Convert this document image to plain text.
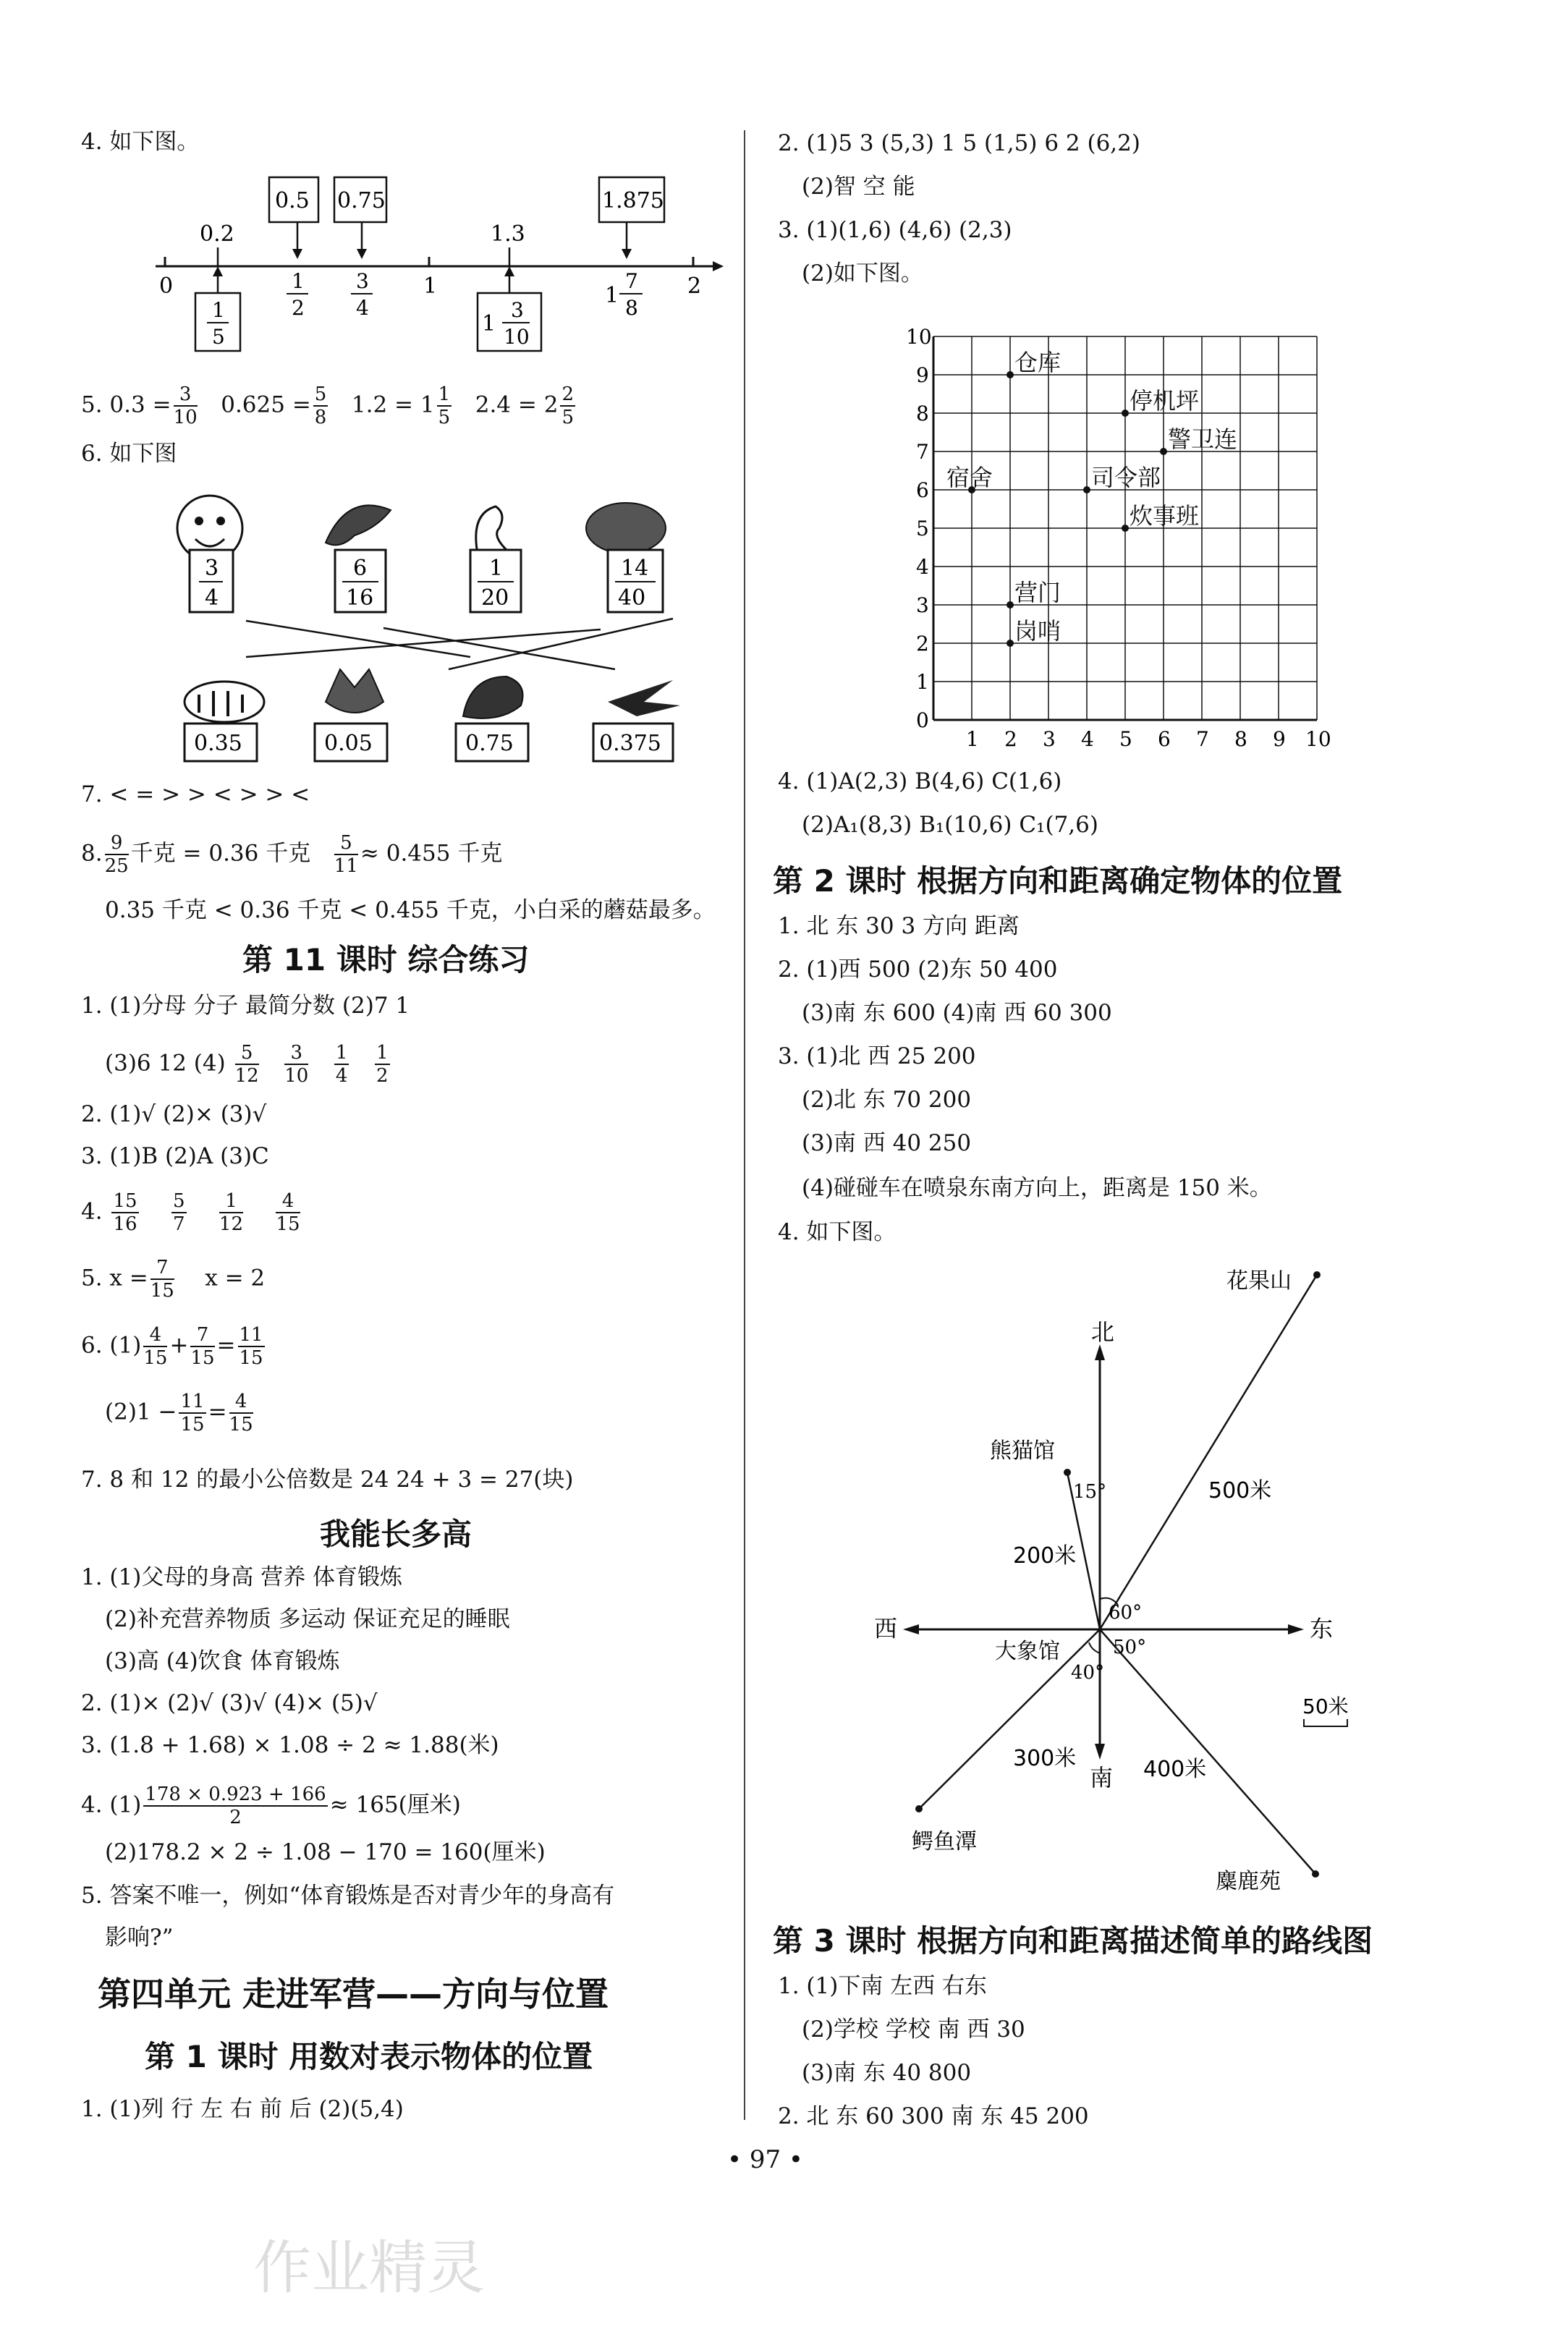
4. 如下图。
0	1	2
0.5 0.75	1.875
0.2	1.3
1
2
3
4	1
7
8
1
5
1
3
10
5. $0.3 = \frac{3}{10} 0.625 = \frac{5}{8} 1.2 = 1 \frac{1}{5} 2.4 = 2 \frac{2}{5}$
6. 如下图
3
4
6
16
1
20
14
40
0.35	0.05	0.75	0.375
7. < = > > < > > <
8. $\frac{9}{25}$ 千克 = 0.36 千克 $\frac{5}{11} \approx 0.455$ 千克
0.35 千克 < 0.36 千克 < 0.455 千克，小白采的蘑菇最多。
第 11 课时 综合练习
1. (1)分母 分子 最简分数 (2)7 1
(3)6 12 $(4) \frac{5}{12}$
$\frac{3}{10}$
$\frac{1}{4}$
$\frac{1}{2}$
2. (1)√ (2)× (3)√
3. (1)B (2)A (3)C
4. $\frac{15}{16}$
$\frac{5}{7}$
$\frac{1}{12}$
$\frac{4}{15}$
5. $x = \frac{7}{15}$ x = 2
6. $(1) \frac{4}{15} + \frac{7}{15} = \frac{11}{15}$
$(2)1 - \frac{11}{15} = \frac{4}{15}$
7. 8 和 12 的最小公倍数是 24 24 + 3 = 27(块)
我能长多高
1. (1)父母的身高 营养 体育锻炼
(2)补充营养物质 多运动 保证充足的睡眠
(3)高 (4)饮食 体育锻炼
2. (1)× (2)√ (3)√ (4)× (5)√
3. (1.8 + 1.68) × 1.08 ÷ 2 ≈ 1.88(米)
4. $(1) \frac{178 \times 0.923 + 166}{2} \approx 165$(厘米)
(2)178.2 × 2 ÷ 1.08 − 170 = 160(厘米)
5. 答案不唯一，例如“体育锻炼是否对青少年的身高有
影响?”
第四单元 走进军营——方向与位置
第 1 课时 用数对表示物体的位置
1. (1)列 行 左 右 前 后 (2)(5,4)
2. (1)5 3 (5,3) 1 5 (1,5) 6 2 (6,2)
(2)智 空 能
3. (1)(1,6) (4,6) (2,3)
(2)如下图。
0
1
2
3
4
5
6
7
8
9
10
1 2 3 4 5 6 7 8 9 10
仓库
停机坪
警卫连
宿舍	司令部
炊事班
营门
岗哨
4. (1)A(2,3) B(4,6) C(1,6)
(2)A₁(8,3) B₁(10,6) C₁(7,6)
第 2 课时 根据方向和距离确定物体的位置
1. 北 东 30 3 方向 距离
2. (1)西 500 (2)东 50 400
(3)南 东 600 (4)南 西 60 300
3. (1)北 西 25 200
(2)北 东 70 200
(3)南 西 40 250
(4)碰碰车在喷泉东南方向上，距离是 150 米。
4. 如下图。
北
南
东
西
花果山
500米
熊猫馆
200米
15°
鳄鱼潭
300米
40°
麋鹿苑
400米
60°
50°
大象馆
50米
第 3 课时 根据方向和距离描述简单的路线图
1. (1)下南 左西 右东
(2)学校 学校 南 西 30
(3)南 东 40 800
2. 北 东 60 300 南 东 45 200
• 97 •
作业精灵
